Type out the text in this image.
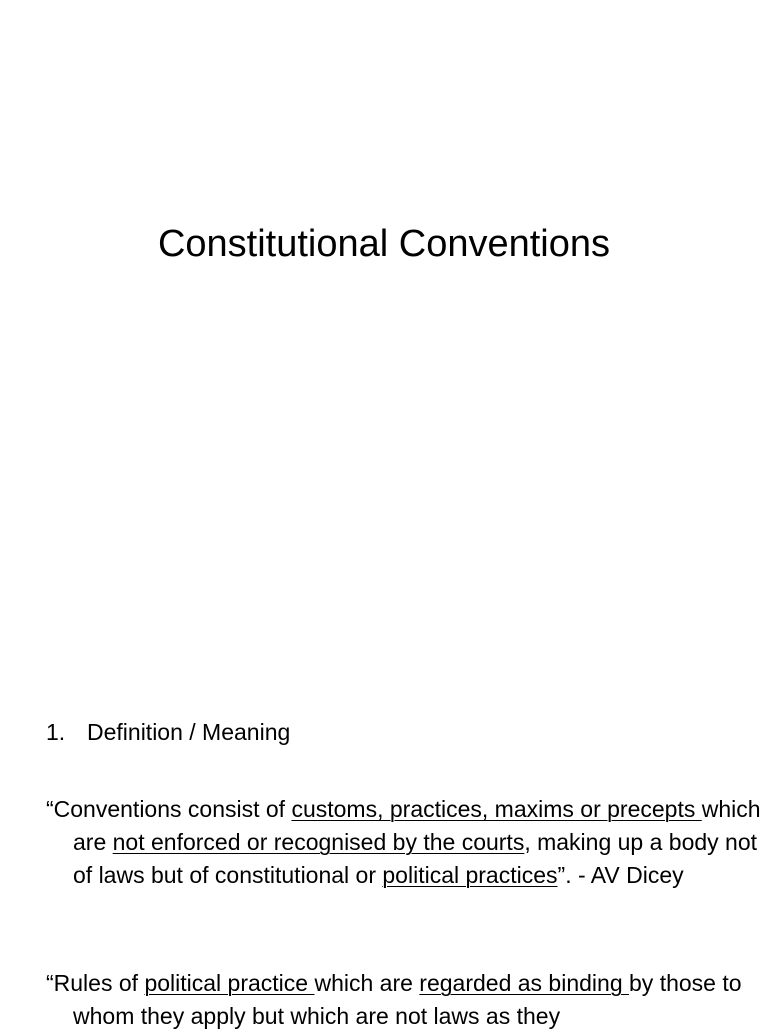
Constitutional Conventions
1. Definition / Meaning
“Conventions consist of customs, practices, maxims or precepts which are not enforced or recognised by the courts, making up a body not of laws but of constitutional or political practices”. - AV Dicey
“Rules of political practice which are regarded as binding by those to whom they apply but which are not laws as they
